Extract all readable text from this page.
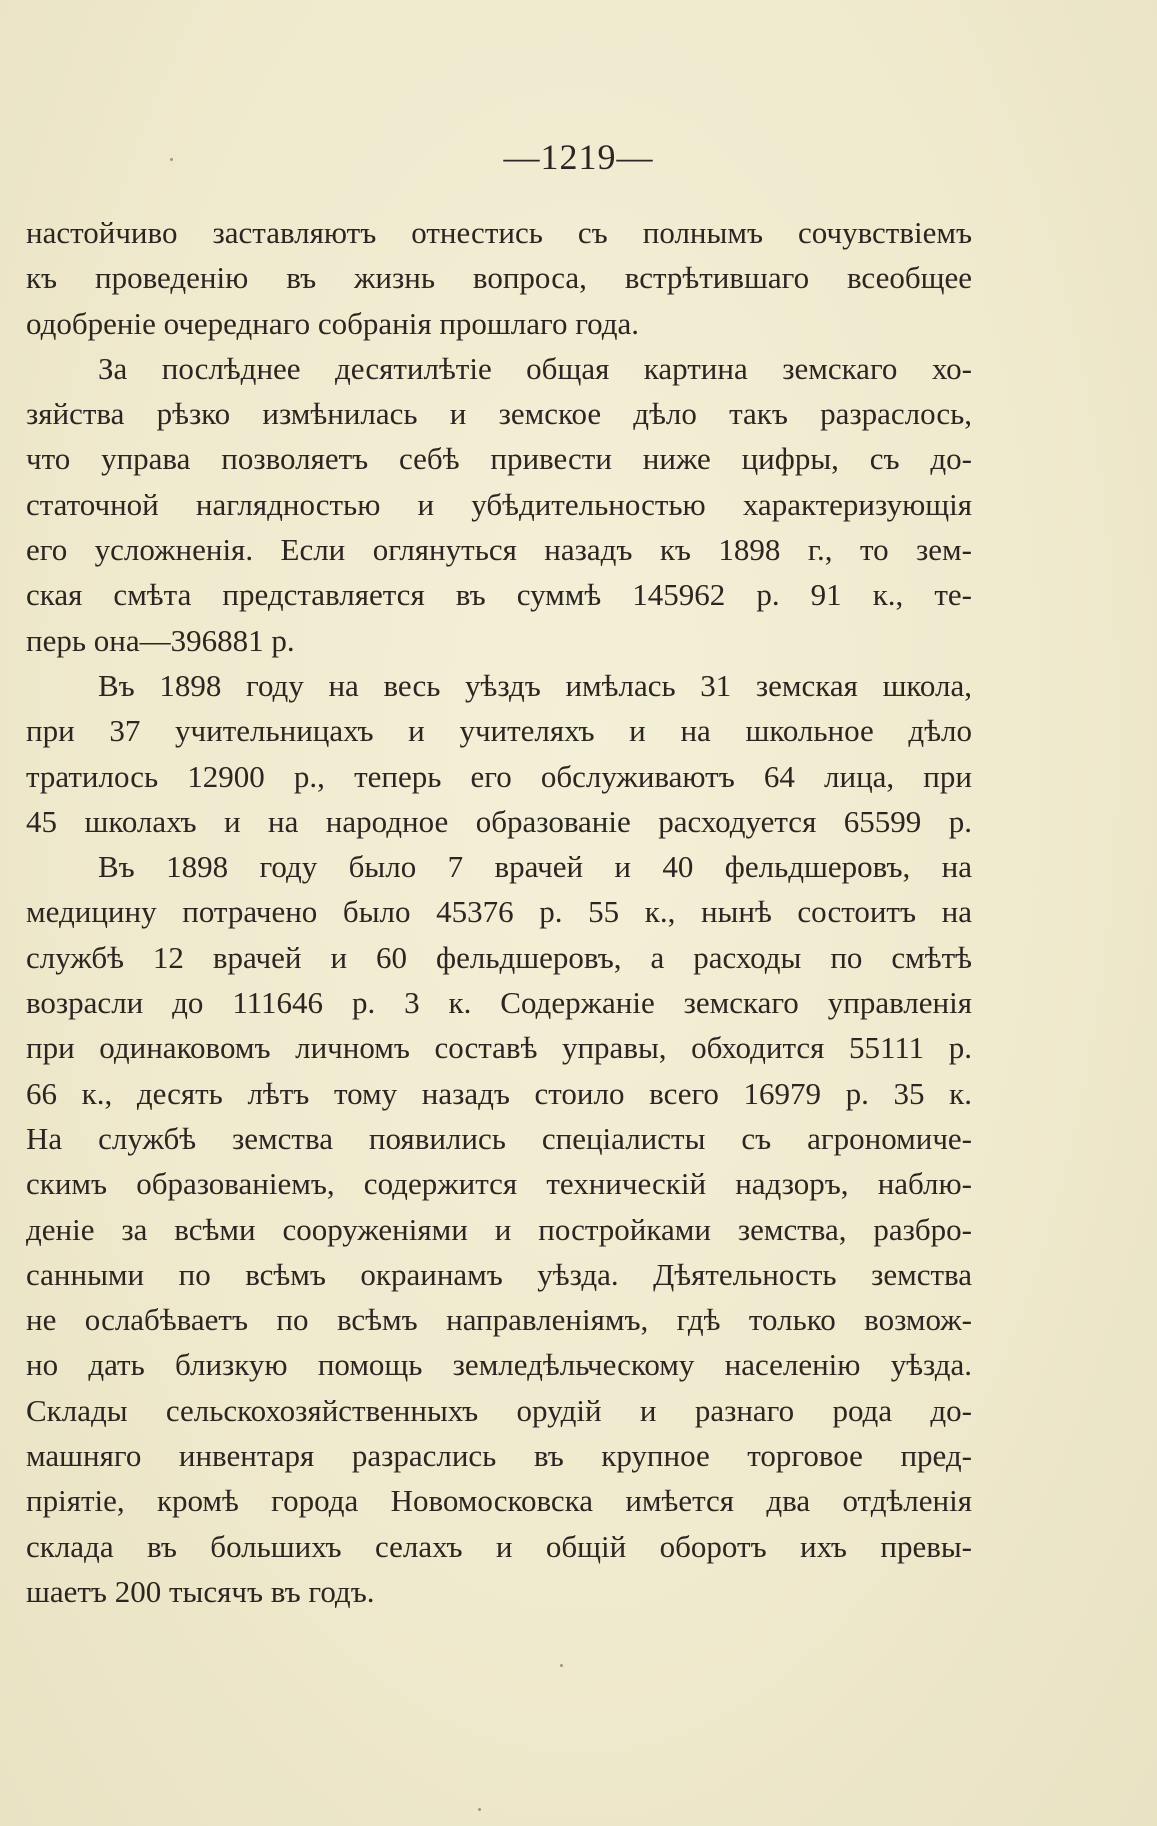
—1219—
настойчиво заставляютъ отнестись съ полнымъ сочувствіемъ
къ проведенію въ жизнь вопроса, встрѣтившаго всеобщее
одобреніе очереднаго собранія прошлаго года.
За послѣднее десятилѣтіе общая картина земскаго хо-
зяйства рѣзко измѣнилась и земское дѣло такъ разраслось,
что управа позволяетъ себѣ привести ниже цифры, съ до-
статочной наглядностью и убѣдительностью характеризующія
его усложненія. Если оглянуться назадъ къ 1898 г., то зем-
ская смѣта представляется въ суммѣ 145962 р. 91 к., те-
перь она—396881 р.
Въ 1898 году на весь уѣздъ имѣлась 31 земская школа,
при 37 учительницахъ и учителяхъ и на школьное дѣло
тратилось 12900 р., теперь его обслуживаютъ 64 лица, при
45 школахъ и на народное образованіе расходуется 65599 р.
Въ 1898 году было 7 врачей и 40 фельдшеровъ, на
медицину потрачено было 45376 р. 55 к., нынѣ состоитъ на
службѣ 12 врачей и 60 фельдшеровъ, а расходы по смѣтѣ
возрасли до 111646 р. 3 к. Содержаніе земскаго управленія
при одинаковомъ личномъ составѣ управы, обходится 55111 р.
66 к., десять лѣтъ тому назадъ стоило всего 16979 р. 35 к.
На службѣ земства появились спеціалисты съ агрономиче-
скимъ образованіемъ, содержится техническій надзоръ, наблю-
деніе за всѣми сооруженіями и постройками земства, разбро-
санными по всѣмъ окраинамъ уѣзда. Дѣятельность земства
не ослабѣваетъ по всѣмъ направленіямъ, гдѣ только возмож-
но дать близкую помощь земледѣльческому населенію уѣзда.
Склады сельскохозяйственныхъ орудій и разнаго рода до-
машняго инвентаря разраслись въ крупное торговое пред-
пріятіе, кромѣ города Новомосковска имѣется два отдѣленія
склада въ большихъ селахъ и общій оборотъ ихъ превы-
шаетъ 200 тысячъ въ годъ.
